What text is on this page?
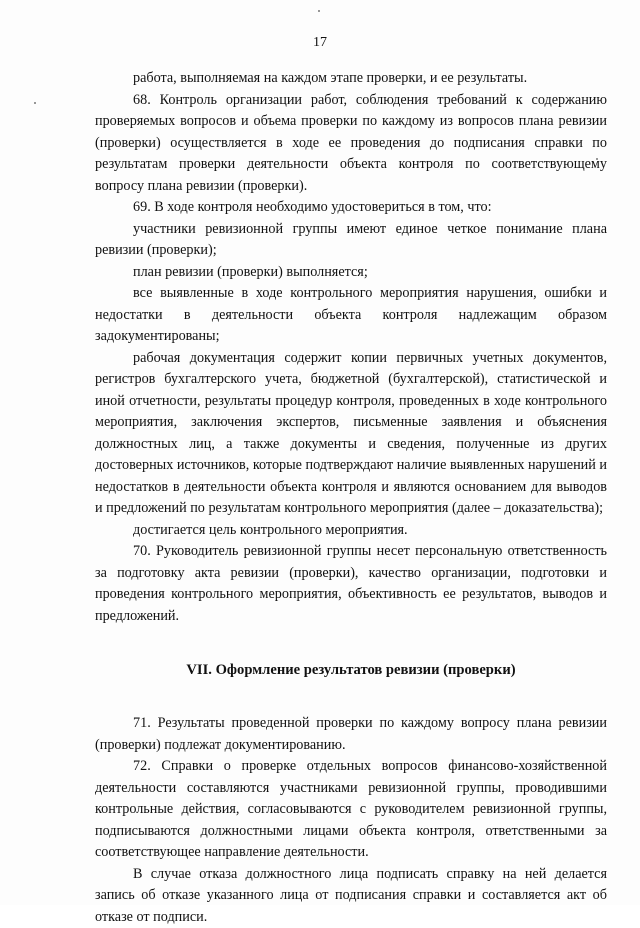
17

работа, выполняемая на каждом этапе проверки, и ее результаты.

68. Контроль организации работ, соблюдения требований к содержанию проверяемых вопросов и объема проверки по каждому из вопросов плана ревизии (проверки) осуществляется в ходе ее проведения до подписания справки по результатам проверки деятельности объекта контроля по соответствующему вопросу плана ревизии (проверки).

69. В ходе контроля необходимо удостовериться в том, что:

участники ревизионной группы имеют единое четкое понимание плана ревизии (проверки);

план ревизии (проверки) выполняется;

все выявленные в ходе контрольного мероприятия нарушения, ошибки и недостатки в деятельности объекта контроля надлежащим образом задокументированы;

рабочая документация содержит копии первичных учетных документов, регистров бухгалтерского учета, бюджетной (бухгалтерской), статистической и иной отчетности, результаты процедур контроля, проведенных в ходе контрольного мероприятия, заключения экспертов, письменные заявления и объяснения должностных лиц, а также документы и сведения, полученные из других достоверных источников, которые подтверждают наличие выявленных нарушений и недостатков в деятельности объекта контроля и являются основанием для выводов и предложений по результатам контрольного мероприятия (далее – доказательства);

достигается цель контрольного мероприятия.

70. Руководитель ревизионной группы несет персональную ответственность за подготовку акта ревизии (проверки), качество организации, подготовки и проведения контрольного мероприятия, объективность ее результатов, выводов и предложений.

VII. Оформление результатов ревизии (проверки)

71. Результаты проведенной проверки по каждому вопросу плана ревизии (проверки) подлежат документированию.

72. Справки о проверке отдельных вопросов финансово-хозяйственной деятельности составляются участниками ревизионной группы, проводившими контрольные действия, согласовываются с руководителем ревизионной группы, подписываются должностными лицами объекта контроля, ответственными за соответствующее направление деятельности.

В случае отказа должностного лица подписать справку на ней делается запись об отказе указанного лица от подписания справки и составляется акт об отказе от подписи.
